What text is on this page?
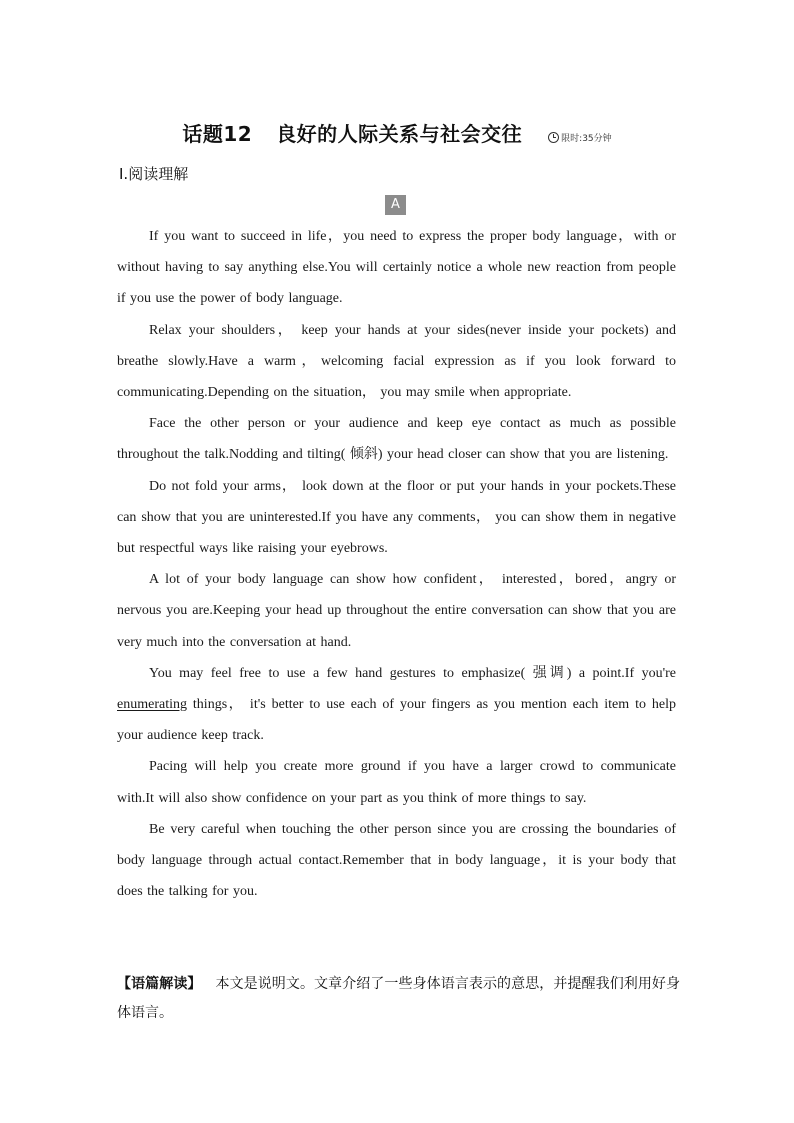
话题12 良好的人际关系与社会交往	限时:35分钟
Ⅰ.阅读理解
A

If you want to succeed in life，you need to express the proper body language，with or without having to say anything else.You will certainly notice a whole new reaction from people if you use the power of body language.

Relax your shoulders， keep your hands at your sides(never inside your pockets) and breathe slowly.Have a warm，welcoming facial expression as if you look forward to communicating.Depending on the situation， you may smile when appropriate.

Face the other person or your audience and keep eye contact as much as possible throughout the talk.Nodding and tilting( 倾斜) your head closer can show that you are listening.

Do not fold your arms， look down at the floor or put your hands in your pockets.These can show that you are uninterested.If you have any comments， you can show them in negative but respectful ways like raising your eyebrows.

A lot of your body language can show how confident， interested，bored，angry or nervous you are.Keeping your head up throughout the entire conversation can show that you are very much into the conversation at hand.

You may feel free to use a few hand gestures to emphasize( 强调) a point.If you're enumerating things， it's better to use each of your fingers as you mention each item to help your audience keep track.

Pacing will help you create more ground if you have a larger crowd to communicate with.It will also show confidence on your part as you think of more things to say.

Be very careful when touching the other person since you are crossing the boundaries of body language through actual contact.Remember that in body language，it is your body that does the talking for you.

【语篇解读】 本文是说明文。文章介绍了一些身体语言表示的意思，并提醒我们利用好身体语言。
